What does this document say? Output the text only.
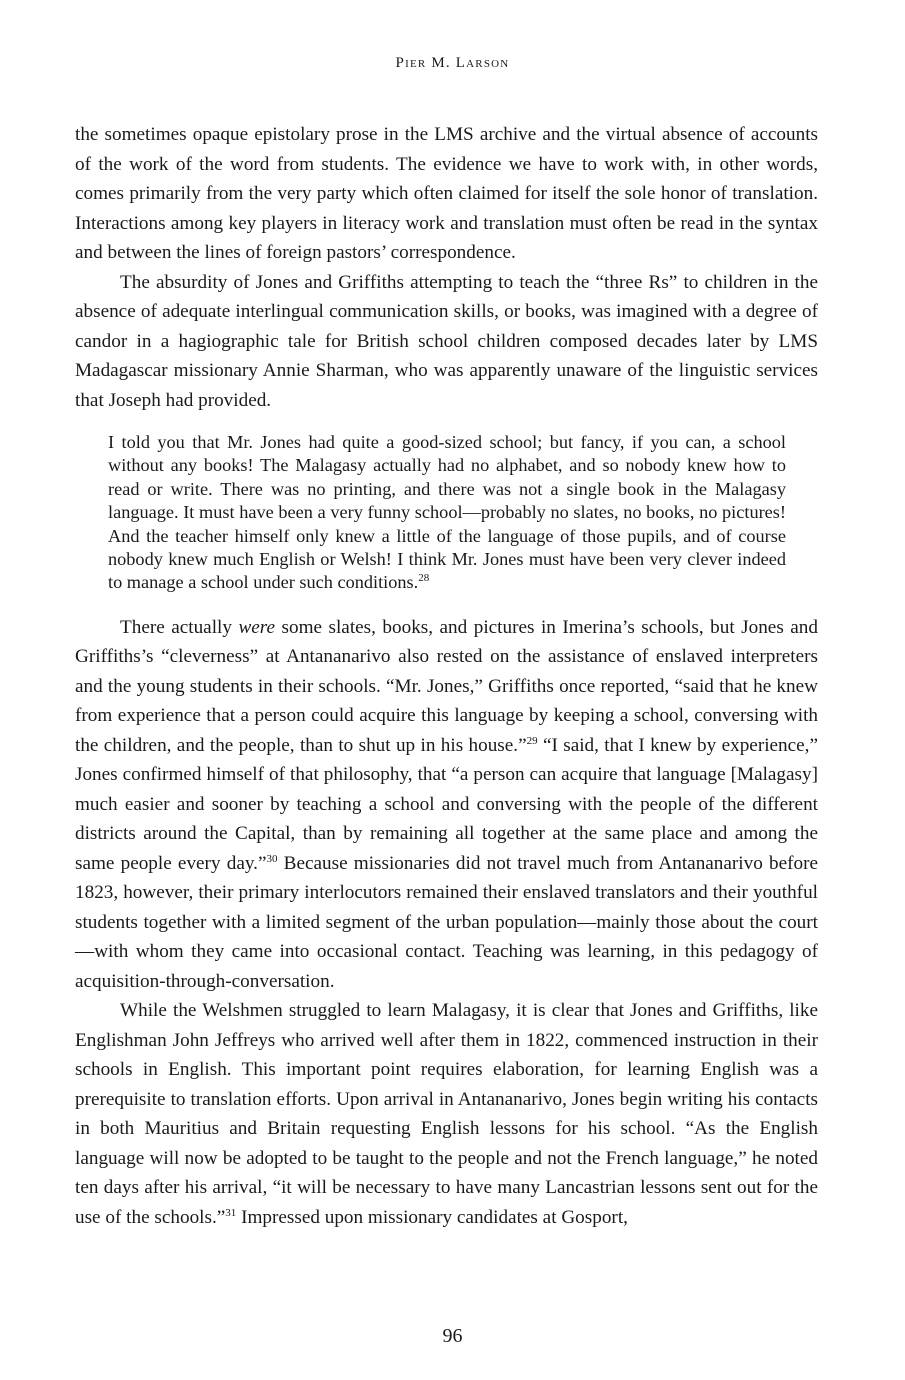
Pier M. Larson

the sometimes opaque epistolary prose in the LMS archive and the virtual absence of accounts of the work of the word from students. The evidence we have to work with, in other words, comes primarily from the very party which often claimed for itself the sole honor of translation. Interactions among key players in literacy work and translation must often be read in the syntax and between the lines of foreign pastors’ correspondence.

The absurdity of Jones and Griffiths attempting to teach the “three Rs” to children in the absence of adequate interlingual communication skills, or books, was imagined with a degree of candor in a hagiographic tale for British school children composed decades later by LMS Madagascar missionary Annie Sharman, who was apparently unaware of the linguistic services that Joseph had provided.

I told you that Mr. Jones had quite a good-sized school; but fancy, if you can, a school without any books! The Malagasy actually had no alphabet, and so nobody knew how to read or write. There was no printing, and there was not a single book in the Malagasy language. It must have been a very funny school—probably no slates, no books, no pictures! And the teacher himself only knew a little of the language of those pupils, and of course nobody knew much English or Welsh! I think Mr. Jones must have been very clever indeed to manage a school under such conditions.$^{28}$

There actually were some slates, books, and pictures in Imerina’s schools, but Jones and Griffiths’s “cleverness” at Antananarivo also rested on the assistance of enslaved interpreters and the young students in their schools. “Mr. Jones,” Griffiths once reported, “said that he knew from experience that a person could acquire this language by keeping a school, conversing with the children, and the people, than to shut up in his house.”$^{29}$ “I said, that I knew by experience,” Jones confirmed himself of that philosophy, that “a person can acquire that language [Malagasy] much easier and sooner by teaching a school and conversing with the people of the different districts around the Capital, than by remaining all together at the same place and among the same people every day.”$^{30}$ Because missionaries did not travel much from Antananarivo before 1823, however, their primary interlocutors remained their enslaved translators and their youthful students together with a limited segment of the urban population—mainly those about the court—with whom they came into occasional contact. Teaching was learning, in this pedagogy of acquisition-through-conversation.

While the Welshmen struggled to learn Malagasy, it is clear that Jones and Griffiths, like Englishman John Jeffreys who arrived well after them in 1822, commenced instruction in their schools in English. This important point requires elaboration, for learning English was a prerequisite to translation efforts. Upon arrival in Antananarivo, Jones begin writing his contacts in both Mauritius and Britain requesting English lessons for his school. “As the English language will now be adopted to be taught to the people and not the French language,” he noted ten days after his arrival, “it will be necessary to have many Lancastrian lessons sent out for the use of the schools.”$^{31}$ Impressed upon missionary candidates at Gosport,

96
